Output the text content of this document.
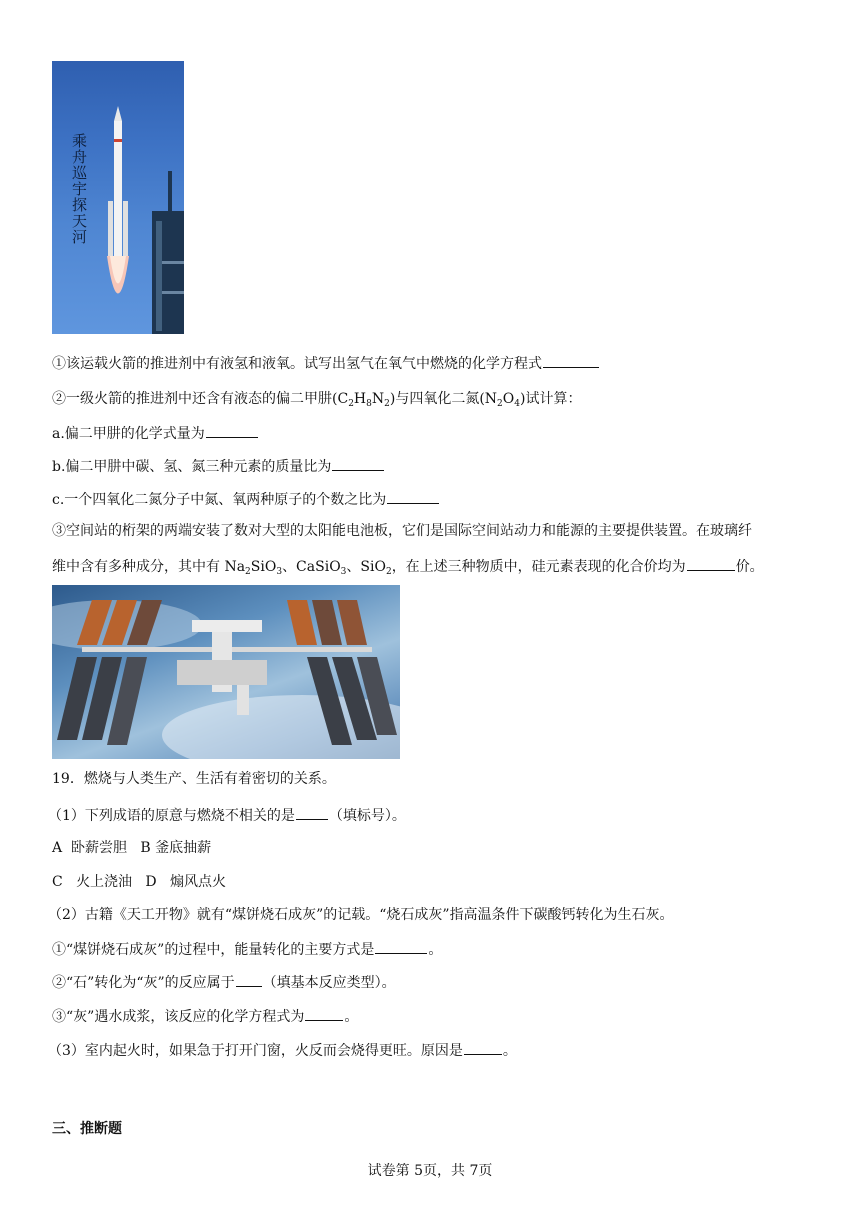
乘舟巡宇探天河
①该运载火箭的推进剂中有液氢和液氧。试写出氢气在氧气中燃烧的化学方程式
②一级火箭的推进剂中还含有液态的偏二甲肼$(C_2H_8N_2)$与四氧化二氮$(N_2O_4)$试计算：
a.偏二甲肼的化学式量为
b.偏二甲肼中碳、氢、氮三种元素的质量比为
c.一个四氧化二氮分子中氮、氧两种原子的个数之比为
③空间站的桁架的两端安装了数对大型的太阳能电池板，它们是国际空间站动力和能源的主要提供装置。在玻璃纤
维中含有多种成分，其中有 $Na_2SiO_3$、CaSiO$_3$、SiO$_2$，在上述三种物质中，硅元素表现的化合价均为	价。
19．燃烧与人类生产、生活有着密切的关系。
（1）下列成语的原意与燃烧不相关的是 （填标号）。
A  卧薪尝胆   B 釜底抽薪
C   火上浇油   D   煽风点火
（2）古籍《天工开物》就有“煤饼烧石成灰”的记载。“烧石成灰”指高温条件下碳酸钙转化为生石灰。
①“煤饼烧石成灰”的过程中，能量转化的主要方式是	。
②“石”转化为“灰”的反应属于 （填基本反应类型）。
③“灰”遇水成浆，该反应的化学方程式为	。
（3）室内起火时，如果急于打开门窗，火反而会烧得更旺。原因是	。
三、推断题
试卷第 5页，共 7页
